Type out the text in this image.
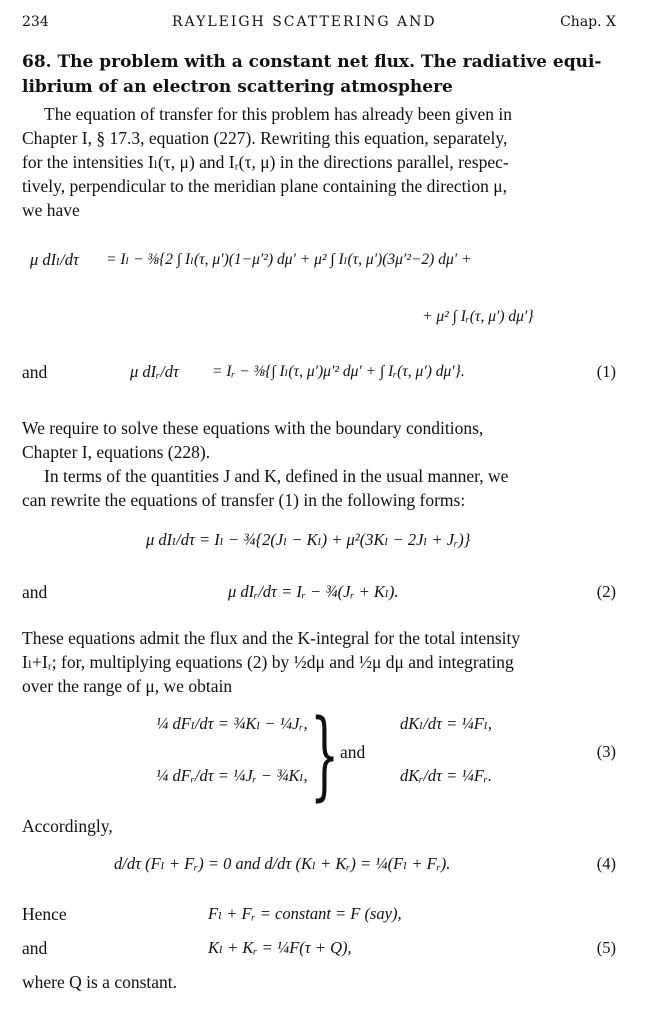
234	RAYLEIGH SCATTERING AND	Chap. X
68. The problem with a constant net flux. The radiative equi-
librium of an electron scattering atmosphere
The equation of transfer for this problem has already been given in
Chapter I, § 17.3, equation (227). Rewriting this equation, separately,
for the intensities Iₗ(τ, μ) and Iᵣ(τ, μ) in the directions parallel, respec-
tively, perpendicular to the meridian plane containing the direction μ,
we have
μ dIₗ/dτ = Iₗ − ⅜{2 ∫ Iₗ(τ, μ′)(1−μ′²) dμ′ + μ² ∫ Iₗ(τ, μ′)(3μ′²−2) dμ′ +
+ μ² ∫ Iᵣ(τ, μ′) dμ′}
and	μ dIᵣ/dτ = Iᵣ − ⅜{∫ Iₗ(τ, μ′)μ′² dμ′ + ∫ Iᵣ(τ, μ′) dμ′}.	(1)
We require to solve these equations with the boundary conditions,
Chapter I, equations (228).
In terms of the quantities J and K, defined in the usual manner, we
can rewrite the equations of transfer (1) in the following forms:
μ dIₗ/dτ = Iₗ − ¾{2(Jₗ − Kₗ) + μ²(3Kₗ − 2Jₗ + Jᵣ)}
and	μ dIᵣ/dτ = Iᵣ − ¾(Jᵣ + Kₗ).	(2)
These equations admit the flux and the K-integral for the total intensity
Iₗ+Iᵣ; for, multiplying equations (2) by ½dμ and ½μ dμ and integrating
over the range of μ, we obtain
¼ dFₗ/dτ = ¾Kₗ − ¼Jᵣ,
¼ dFᵣ/dτ = ¼Jᵣ − ¾Kₗ, } and
dKₗ/dτ = ¼Fₗ,
dKᵣ/dτ = ¼Fᵣ.
(3)
Accordingly,
d/dτ (Fₗ + Fᵣ) = 0 and d/dτ (Kₗ + Kᵣ) = ¼(Fₗ + Fᵣ).	(4)
Hence	Fₗ + Fᵣ = constant = F (say),
and	Kₗ + Kᵣ = ¼F(τ + Q),	(5)
where Q is a constant.
